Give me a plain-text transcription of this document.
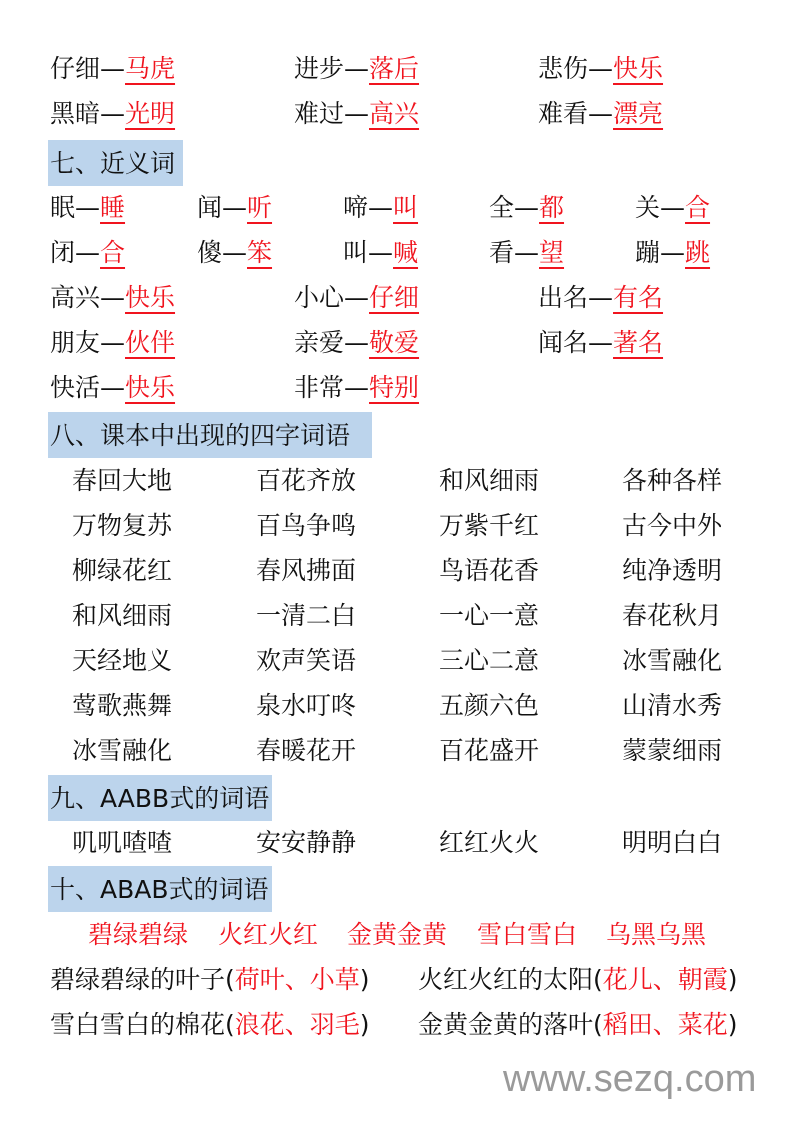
仔细—马虎	进步—落后	悲伤—快乐
黑暗—光明	难过—高兴	难看—漂亮
七、近义词
眠—睡	闻—听	啼—叫	全—都	关—合
闭—合	傻—笨	叫—喊	看—望	蹦—跳
高兴—快乐	小心—仔细	出名—有名
朋友—伙伴	亲爱—敬爱	闻名—著名
快活—快乐	非常—特别
八、课本中出现的四字词语
春回大地	百花齐放	和风细雨	各种各样
万物复苏	百鸟争鸣	万紫千红	古今中外
柳绿花红	春风拂面	鸟语花香	纯净透明
和风细雨	一清二白	一心一意	春花秋月
天经地义	欢声笑语	三心二意	冰雪融化
莺歌燕舞	泉水叮咚	五颜六色	山清水秀
冰雪融化	春暖花开	百花盛开	蒙蒙细雨
九、AABB式的词语
叽叽喳喳	安安静静	红红火火	明明白白
十、ABAB式的词语
碧绿碧绿 火红火红 金黄金黄 雪白雪白 乌黑乌黑
碧绿碧绿的叶子(荷叶、小草) 火红火红的太阳(花儿、朝霞)
雪白雪白的棉花(浪花、羽毛) 金黄金黄的落叶(稻田、菜花)
www.sezq.com
